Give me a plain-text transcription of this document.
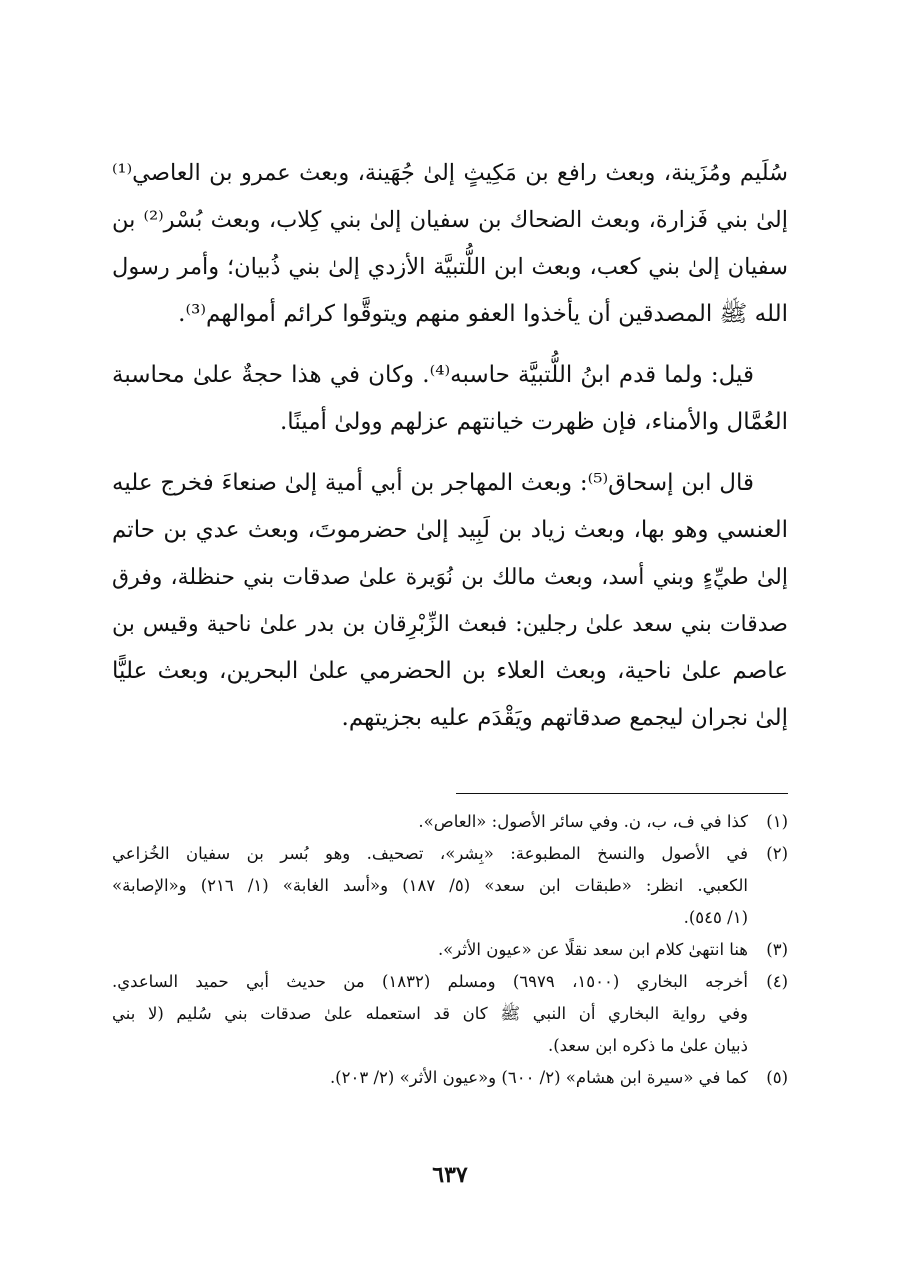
سُلَيم ومُزَينة، وبعث رافع بن مَكِيثٍ إلىٰ جُهَينة، وبعث عمرو بن العاصي⁽¹⁾
إلىٰ بني فَزارة، وبعث الضحاك بن سفيان إلىٰ بني كِلاب، وبعث بُسْر⁽²⁾ بن
سفيان إلىٰ بني كعب، وبعث ابن اللُّتبيَّة الأزدي إلىٰ بني ذُبيان؛ وأمر رسول
الله ﷺ المصدقين أن يأخذوا العفو منهم ويتوقَّوا كرائم أموالهم⁽³⁾.

قيل: ولما قدم ابنُ اللُّتبيَّة حاسبه⁽⁴⁾. وكان في هذا حجةٌ علىٰ محاسبة
العُمَّال والأمناء، فإن ظهرت خيانتهم عزلهم وولىٰ أمينًا.

قال ابن إسحاق⁽⁵⁾: وبعث المهاجر بن أبي أمية إلىٰ صنعاءَ فخرج عليه
العنسي وهو بها، وبعث زياد بن لَبِيد إلىٰ حضرموتَ، وبعث عدي بن حاتم
إلىٰ طيِّءٍ وبني أسد، وبعث مالك بن نُوَيرة علىٰ صدقات بني حنظلة، وفرق
صدقات بني سعد علىٰ رجلين: فبعث الزِّبْرِقان بن بدر علىٰ ناحية وقيس بن
عاصم علىٰ ناحية، وبعث العلاء بن الحضرمي علىٰ البحرين، وبعث عليًّا
إلىٰ نجران ليجمع صدقاتهم ويَقْدَم عليه بجزيتهم.

(١)
كذا في ف، ب، ن. وفي سائر الأصول: «العاص».
(٢)
في الأصول والنسخ المطبوعة: «بِشر»، تصحيف. وهو بُسر بن سفيان الخُزاعي
الكعبي. انظر: «طبقات ابن سعد» (٥/ ١٨٧) و«أسد الغابة» (١/ ٢١٦) و«الإصابة»
(١/ ٥٤٥).
(٣)
هنا انتهىٰ كلام ابن سعد نقلًا عن «عيون الأثر».
(٤)
أخرجه البخاري (١٥٠٠، ٦٩٧٩) ومسلم (١٨٣٢) من حديث أبي حميد الساعدي.
وفي رواية البخاري أن النبي ﷺ كان قد استعمله علىٰ صدقات بني سُليم (لا بني
ذبيان علىٰ ما ذكره ابن سعد).
(٥)
كما في «سيرة ابن هشام» (٢/ ٦٠٠) و«عيون الأثر» (٢/ ٢٠٣).
٦٣٧
